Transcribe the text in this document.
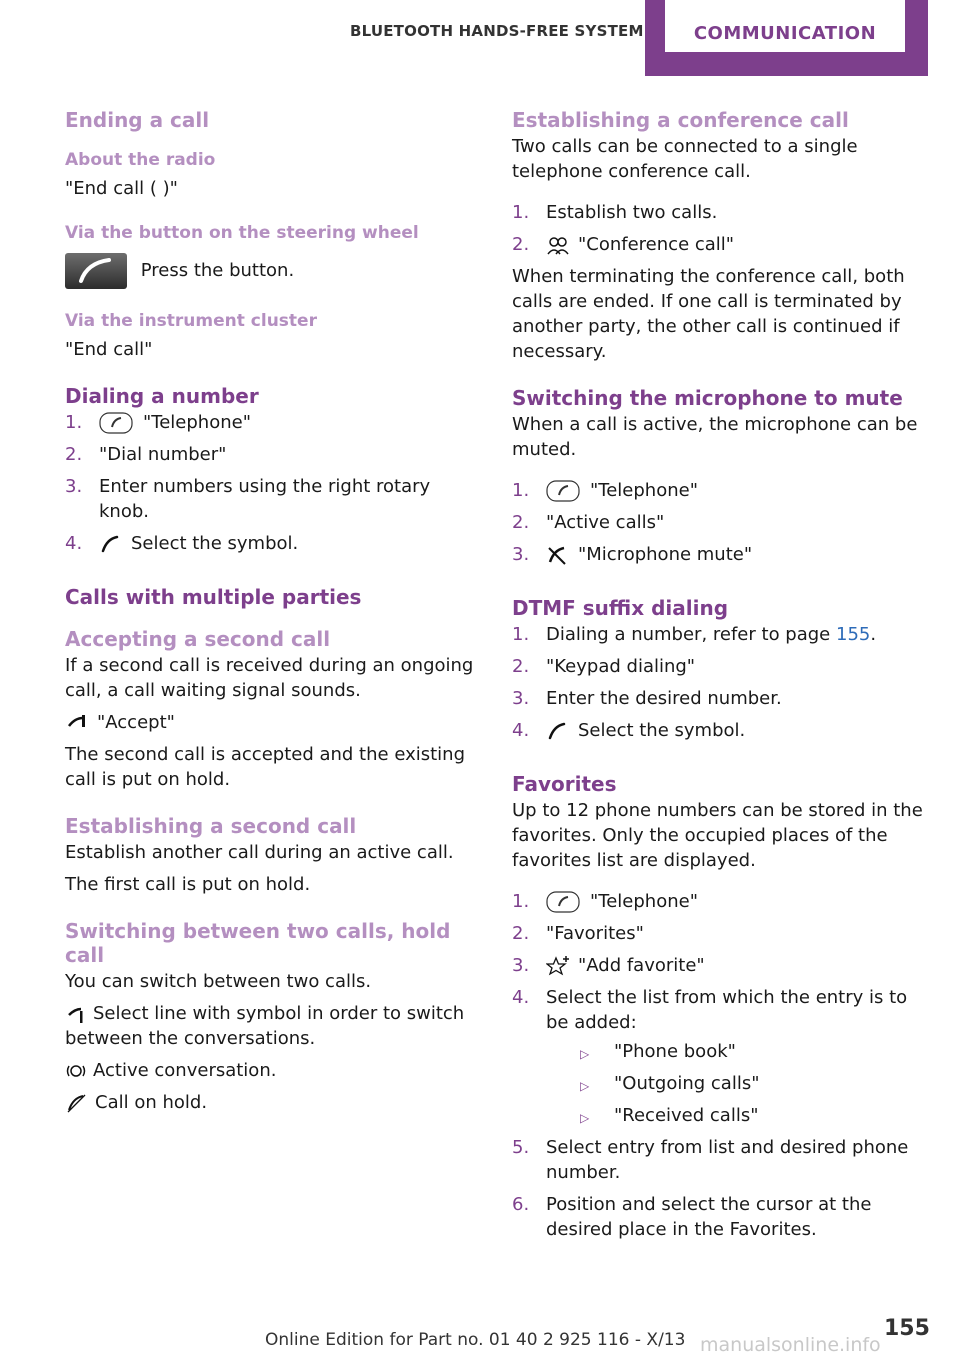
BLUETOOTH HANDS-FREE SYSTEM	COMMUNICATION
Ending a call
About the radio
"End call ( )"
Via the button on the steering wheel
Press the button.
Via the instrument cluster
"End call"
Dialing a number
1.	"Telephone"
2. "Dial number"
3. Enter numbers using the right rotary knob.
4.	Select the symbol.
Calls with multiple parties
Accepting a second call
If a second call is received during an ongoing call, a call waiting signal sounds.
"Accept"
The second call is accepted and the existing call is put on hold.
Establishing a second call
Establish another call during an active call.
The first call is put on hold.
Switching between two calls, hold call
You can switch between two calls.
Select line with symbol in order to switch between the conversations.
Active conversation.
Call on hold.
Establishing a conference call
Two calls can be connected to a single telephone conference call.
1. Establish two calls.
2.	"Conference call"
When terminating the conference call, both calls are ended. If one call is terminated by another party, the other call is continued if necessary.
Switching the microphone to mute
When a call is active, the microphone can be muted.
1.	"Telephone"
2. "Active calls"
3.	"Microphone mute"
DTMF suffix dialing
1. Dialing a number, refer to page 155.
2. "Keypad dialing"
3. Enter the desired number.
4.	Select the symbol.
Favorites
Up to 12 phone numbers can be stored in the favorites. Only the occupied places of the favorites list are displayed.
1.	"Telephone"
2. "Favorites"
3.	"Add favorite"
4. Select the list from which the entry is to be added:
▷ "Phone book"
▷ "Outgoing calls"
▷ "Received calls"
5. Select entry from list and desired phone number.
6. Position and select the cursor at the desired place in the Favorites.
Online Edition for Part no. 01 40 2 925 116 - X/13 manualsonline.info
155
